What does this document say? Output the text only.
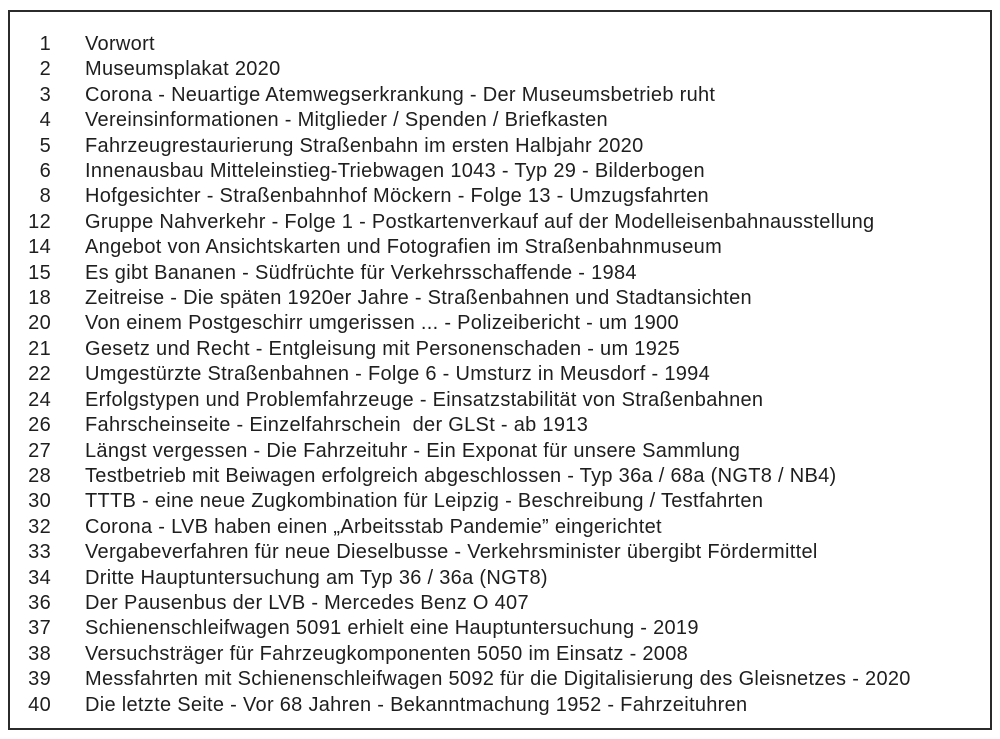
1	Vorwort
2	Museumsplakat 2020
3	Corona - Neuartige Atemwegserkrankung - Der Museumsbetrieb ruht
4	Vereinsinformationen - Mitglieder / Spenden / Briefkasten
5	Fahrzeugrestaurierung Straßenbahn im ersten Halbjahr 2020
6	Innenausbau Mitteleinstieg-Triebwagen 1043 - Typ 29 - Bilderbogen
8	Hofgesichter - Straßenbahnhof Möckern - Folge 13 - Umzugsfahrten
12	Gruppe Nahverkehr - Folge 1 - Postkartenverkauf auf der Modelleisenbahnausstellung
14	Angebot von Ansichtskarten und Fotografien im Straßenbahnmuseum
15	Es gibt Bananen - Südfrüchte für Verkehrsschaffende - 1984
18	Zeitreise - Die späten 1920er Jahre - Straßenbahnen und Stadtansichten
20	Von einem Postgeschirr umgerissen ... - Polizeibericht - um 1900
21	Gesetz und Recht - Entgleisung mit Personenschaden - um 1925
22	Umgestürzte Straßenbahnen - Folge 6 - Umsturz in Meusdorf - 1994
24	Erfolgstypen und Problemfahrzeuge - Einsatzstabilität von Straßenbahnen
26	Fahrscheinseite - Einzelfahrschein  der GLSt - ab 1913
27	Längst vergessen - Die Fahrzeituhr - Ein Exponat für unsere Sammlung
28	Testbetrieb mit Beiwagen erfolgreich abgeschlossen - Typ 36a / 68a (NGT8 / NB4)
30	TTTB - eine neue Zugkombination für Leipzig - Beschreibung / Testfahrten
32	Corona - LVB haben einen „Arbeitsstab Pandemie” eingerichtet
33	Vergabeverfahren für neue Dieselbusse - Verkehrsminister übergibt Fördermittel
34	Dritte Hauptuntersuchung am Typ 36 / 36a (NGT8)
36	Der Pausenbus der LVB - Mercedes Benz O 407
37	Schienenschleifwagen 5091 erhielt eine Hauptuntersuchung - 2019
38	Versuchsträger für Fahrzeugkomponenten 5050 im Einsatz - 2008
39	Messfahrten mit Schienenschleifwagen 5092 für die Digitalisierung des Gleisnetzes - 2020
40	Die letzte Seite - Vor 68 Jahren - Bekanntmachung 1952 - Fahrzeituhren
